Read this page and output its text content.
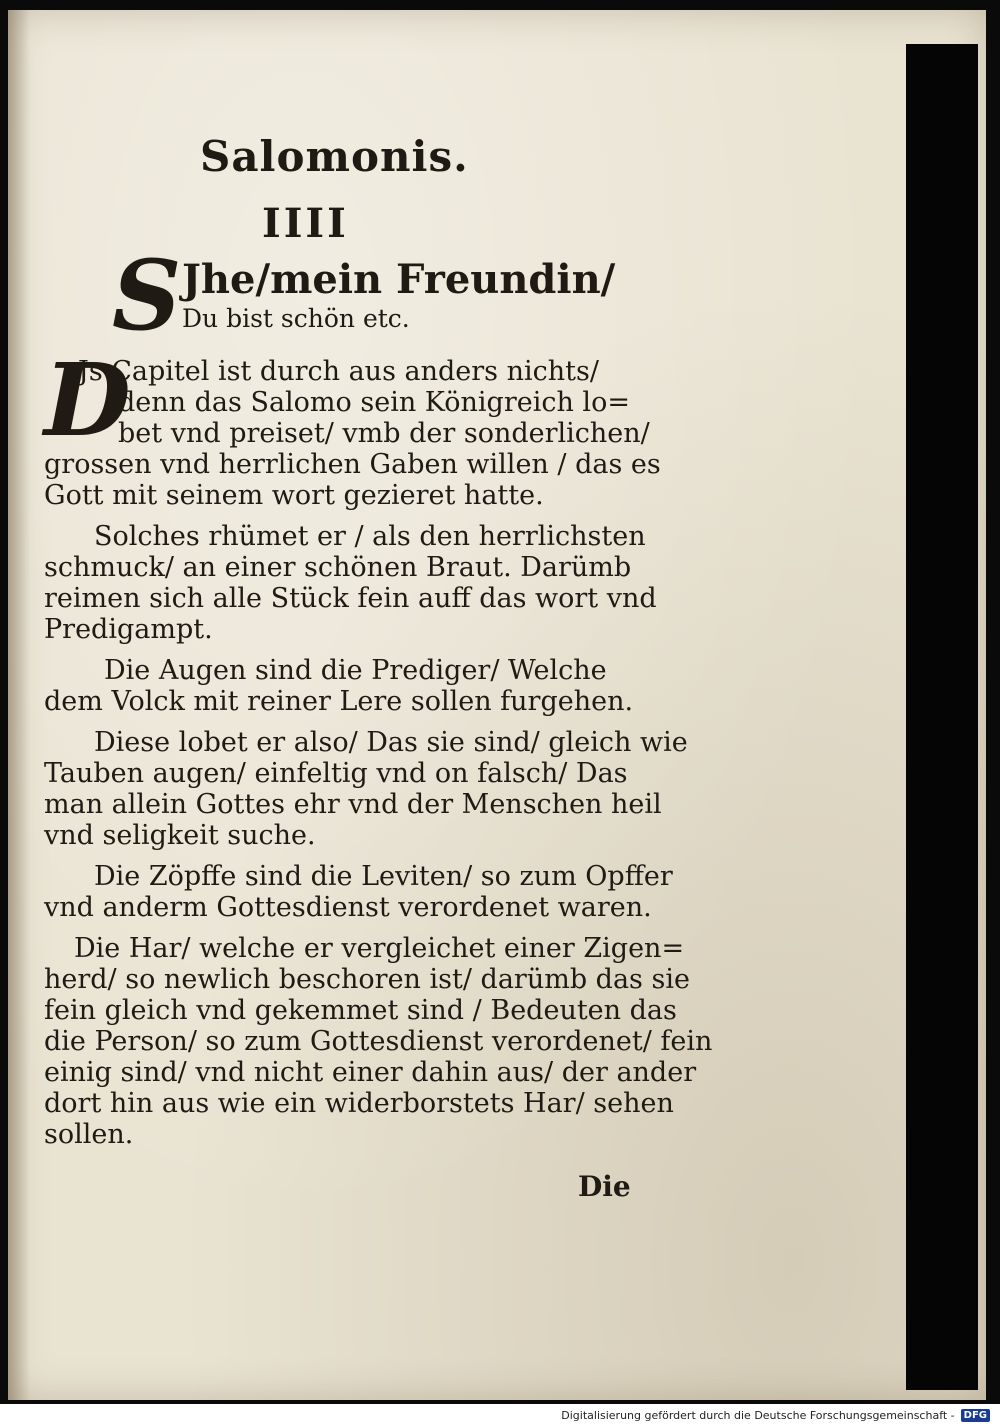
Salomonis.
IIII
S Jhe/mein Freundin/
Du bist schön etc.
D

Js Capitel ist durch aus anders nichts/

denn das Salomo sein Königreich lo=

bet vnd preiset/ vmb der sonderlichen/

grossen vnd herrlichen Gaben willen / das es

Gott mit seinem wort gezieret hatte.

Solches rhümet er / als den herrlichsten

schmuck/ an einer schönen Braut. Darümb

reimen sich alle Stück fein auff das wort vnd

Predigampt.

Die Augen sind die Prediger/ Welche

dem Volck mit reiner Lere sollen furgehen.

Diese lobet er also/ Das sie sind/ gleich wie

Tauben augen/ einfeltig vnd on falsch/ Das

man allein Gottes ehr vnd der Menschen heil

vnd seligkeit suche.

Die Zöpffe sind die Leviten/ so zum Opffer

vnd anderm Gottesdienst verordenet waren.

Die Har/ welche er vergleichet einer Zigen=

herd/ so newlich beschoren ist/ darümb das sie

fein gleich vnd gekemmet sind / Bedeuten das

die Person/ so zum Gottesdienst verordenet/ fein

einig sind/ vnd nicht einer dahin aus/ der ander

dort hin aus wie ein widerborstets Har/ sehen

sollen.

Die
Digitalisierung gefördert durch die Deutsche Forschungsgemeinschaft - DFG
